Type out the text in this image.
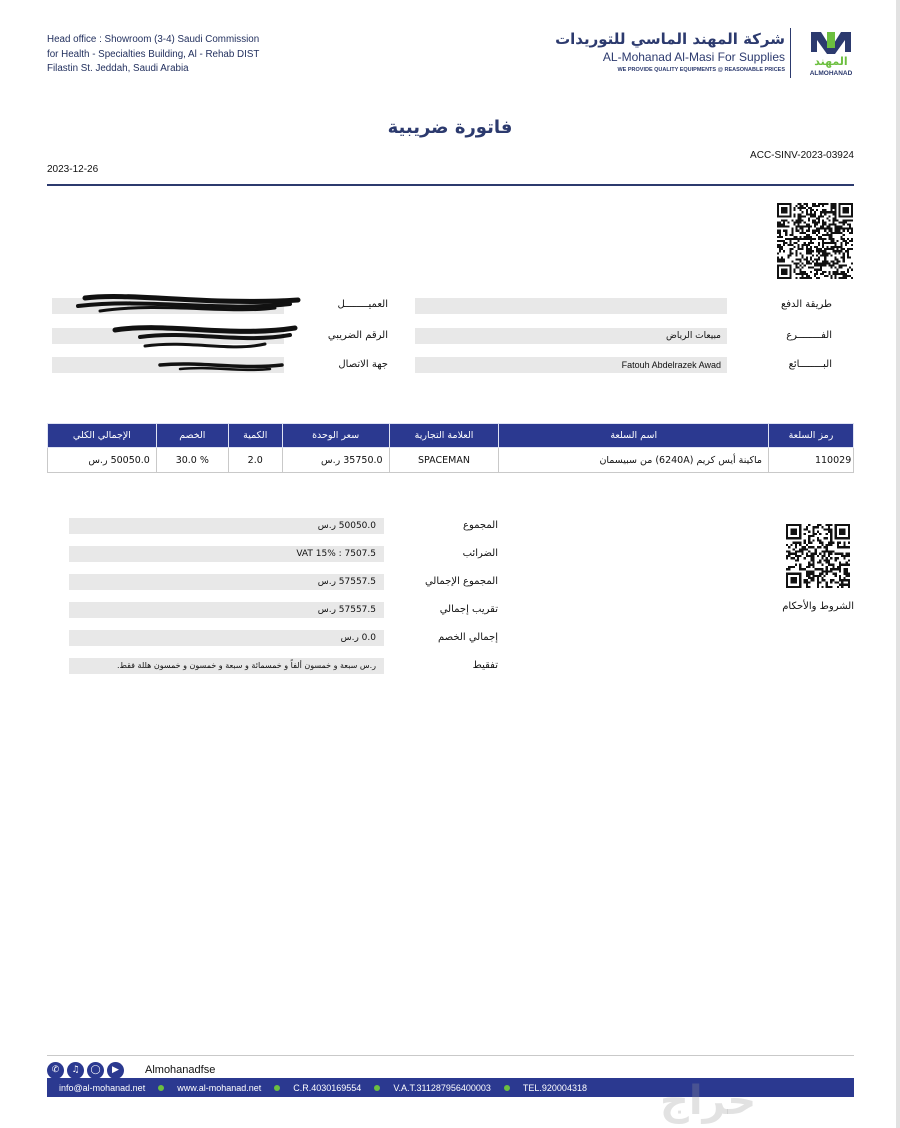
Head office : Showroom (3-4) Saudi Commission
for Health - Specialties Building, Al - Rehab DIST
Filastin St. Jeddah, Saudi Arabia
شركة المهند الماسي للتوريدات
AL-Mohanad Al-Masi For Supplies
WE PROVIDE QUALITY EQUIPMENTS @ REASONABLE PRICES
المهند
ALMOHANAD
فاتورة ضريبية
ACC-SINV-2023-03924
2023-12-26
طريقة الدفع
الفــــــــرع
مبيعات الرياض
البــــــــائع
Fatouh Abdelrazek Awad
العميــــــــل
الرقم الضريبي
جهة الاتصال
الإجمالي الكلي	الخصم	الكمية	سعر الوحدة	العلامة التجارية	اسم السلعة	رمز السلعة
50050.0 ر.س	30.0 %	2.0	35750.0 ر.س	SPACEMAN	ماكينة أيس كريم (6240A) من سبيسمان	110029
المجموع
50050.0 ر.س
الضرائب
VAT 15% : 7507.5
المجموع الإجمالي
57557.5 ر.س
تقريب إجمالي
57557.5 ر.س
إجمالي الخصم
0.0 ر.س
تفقيط
ر.س سبعة و خمسون ألفاً و خمسمائة و سبعة و خمسون و خمسون هللة فقط.
الشروط والأحكام
✆	♫	◯	▶	Almohanadfse
info@al-mohanad.net	www.al-mohanad.net	C.R.4030169554	V.A.T.311287956400003	TEL.920004318 حراج
